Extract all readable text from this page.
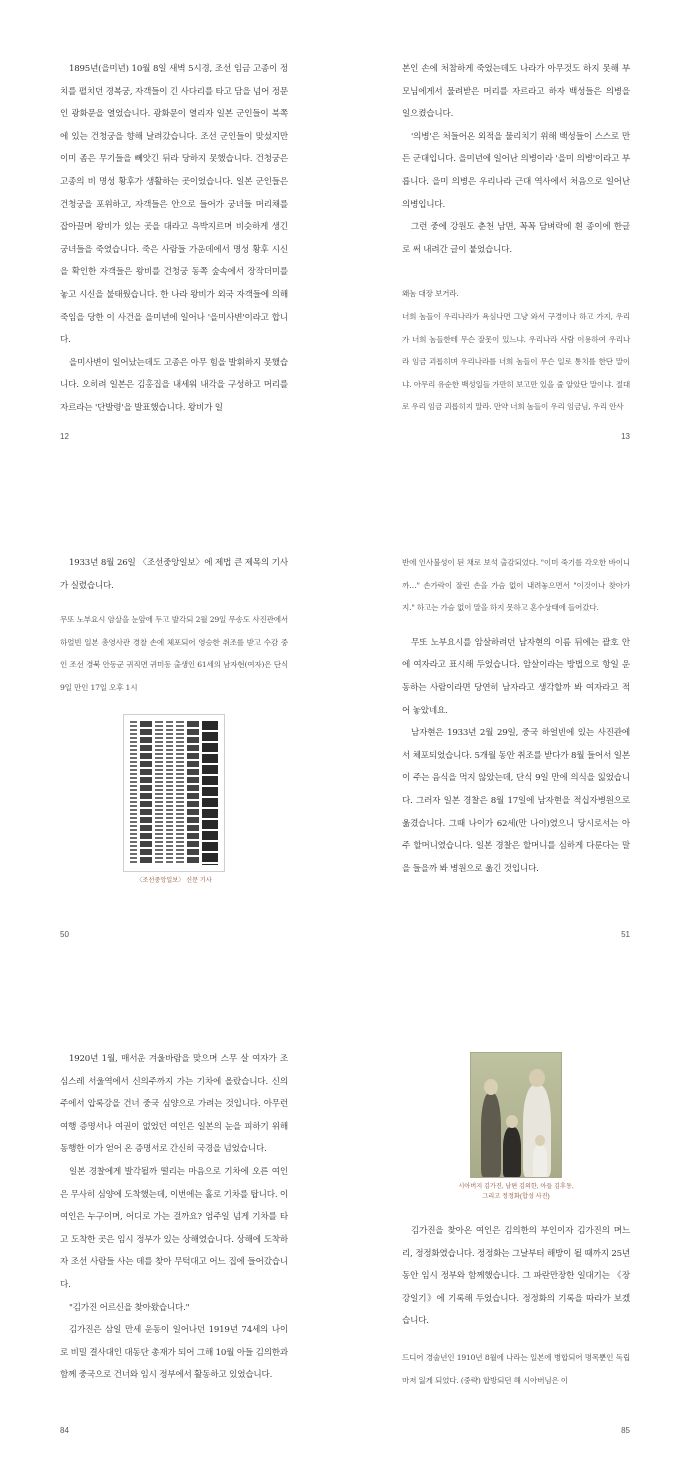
1895년(을미년) 10월 8일 새벽 5시경, 조선 임금 고종이 정치를 펼치던 경복궁, 자객들이 긴 사다리를 타고 담을 넘어 정문인 광화문을 열었습니다. 광화문이 열리자 일본 군인들이 북쪽에 있는 건청궁을 향해 날려갔습니다. 조선 군인들이 맞섰지만 이미 좀은 무기들을 뻬앗긴 뒤라 당하지 못했습니다. 건청궁은 고종의 비 명성 황후가 생활하는 곳이었습니다. 일본 군인들은 건청궁을 포위하고, 자객들은 안으로 들어가 궁녀들 머리채를 잡아끌며 왕비가 있는 곳을 대라고 윽박지르며 비슷하게 생긴 궁녀들을 죽였습니다. 죽은 사람들 가운데에서 명성 황후 시신을 확인한 자객들은 왕비를 건청궁 동쪽 숲속에서 장작더미를 놓고 시신을 불태웠습니다. 한 나라 왕비가 외국 자객들에 의해 죽임을 당한 이 사건을 을미년에 일어나 '을미사변'이라고 합니다.

을미사변이 일어났는데도 고종은 아무 힘을 발휘하지 못했습니다. 오히려 일본은 김홍집을 내세워 내각을 구성하고 머리를 자르라는 '단발령'을 발표했습니다. 왕비가 일

12

본인 손에 처참하게 죽었는데도 나라가 아무것도 하지 못해 부모님에게서 물려받은 머리를 자르라고 하자 백성들은 의병을 일으켰습니다.

'의병'은 처들어온 외적을 물리치기 위해 백성들이 스스로 만든 군대입니다. 을미년에 일어난 의병이라 '을미 의병'이라고 부릅니다. 을미 의병은 우리나라 근대 역사에서 처음으로 일어난 의병입니다.

그런 중에 강원도 춘천 남면, 꼭꼭 담벼락에 흰 종이에 한글로 써 내려간 글이 붙었습니다.

왜놈 대장 보거라.

너희 놈들이 우리나라가 욕심나면 그냥 와서 구경이나 하고 가지, 우리가 너희 놈들한테 무슨 잘못이 있느냐. 우리나라 사람 이용하여 우리나라 임금 괴롭히며 우리나라를 너희 놈들이 무슨 일로 통치를 한단 말이냐. 아무리 유순한 백성일들 가만히 보고만 있을 줄 알았단 말이냐. 절대로 우리 임금 괴롭히지 말라. 만약 너희 놈들이 우리 임금님, 우리 안사

13

1933년 8월 26일 〈조선중앙일보〉에 제법 큰 제목의 기사가 실렸습니다.

무또 노부요시 암살을 눈앞에 두고 발각되 2월 29일 무송도 사진관에서 하얼빈 일본 총영사관 경찰 손에 체포되어 영승한 취조를 받고 수감 중인 조선 경북 안동군 귀직면 귀미동 출생인 61세의 남자현(여자)은 단식 9일 만인 17일 오후 1시

〈조선중앙일보〉 신문 기사
50

반에 인사불성이 된 채로 보석 출감되었다. "이미 죽기를 각오한 바이니까…" 손가락이 잘린 손을 가슴 없이 내려놓으면서 "이것이나 찾아가지." 하고는 가슴 없이 말을 하지 못하고 혼수상태에 들어갔다.

무또 노부요시를 암살하려던 남자현의 이름 뒤에는 괄호 안에 여자라고 표시해 두었습니다. 암살이라는 방법으로 항일 운동하는 사람이라면 당연히 남자라고 생각할까 봐 여자라고 적어 놓았네요.

남자현은 1933년 2월 29일, 중국 하얼빈에 있는 사진관에서 체포되었습니다. 5개월 동안 취조를 받다가 8월 들어서 일본이 주는 음식을 먹지 않았는데, 단식 9일 만에 의식을 잃었습니다. 그러자 일본 경찰은 8월 17일에 남자현을 적십자병원으로 옮겼습니다. 그때 나이가 62세(만 나이)였으니 당시로서는 아주 할머니였습니다. 일본 경찰은 할머니를 심하게 다룬다는 말을 들을까 봐 병원으로 옮긴 것입니다.

51

1920년 1월, 매서운 겨울바람을 맞으며 스무 살 여자가 조심스레 서울역에서 신의주까지 가는 기차에 올랐습니다. 신의주에서 압록강을 건너 중국 심양으로 가려는 것입니다. 아무런 여행 증명서나 여권이 없었던 여인은 일본의 눈을 피하기 위해 동행한 이가 얻어 온 증명서로 간신히 국경을 넘었습니다.

일본 경찰에게 발각될까 떨리는 마음으로 기차에 오른 여인은 무사히 심양에 도착했는데, 이번에는 홀로 기차를 탑니다. 이 여인은 누구이며, 어디로 가는 걸까요? 엄주일 넘게 기차를 타고 도착한 곳은 임시 정부가 있는 상해였습니다. 상해에 도착하자 조선 사람들 사는 데를 찾아 무턱대고 어느 집에 들어갔습니다.

"김가진 어르신을 찾아왔습니다."

김가진은 삼일 만세 운동이 일어나던 1919년 74세의 나이로 비밀 결사대인 대동단 총재가 되어 그해 10월 아들 김의한과 함께 중국으로 건너와 임시 정부에서 활동하고 있었습니다.

84
시아버지 김가진, 남편 김의한, 아들 김후동,
그리고 정정화(합성 사진)

김가진을 찾아온 여인은 김의한의 부인이자 김가진의 며느리, 정정화였습니다. 정정화는 그날부터 해방이 될 때까지 25년 동안 임시 정부와 함께했습니다. 그 파란만장한 일대기는 《장강일기》에 기록해 두었습니다. 정정화의 기록을 따라가 보겠습니다.

드디어 경술년인 1910년 8월에 나라는 일본에 병합되어 명목뿐인 독립마저 잃게 되었다. (중략) 합방되던 해 시아버님은 이

85
